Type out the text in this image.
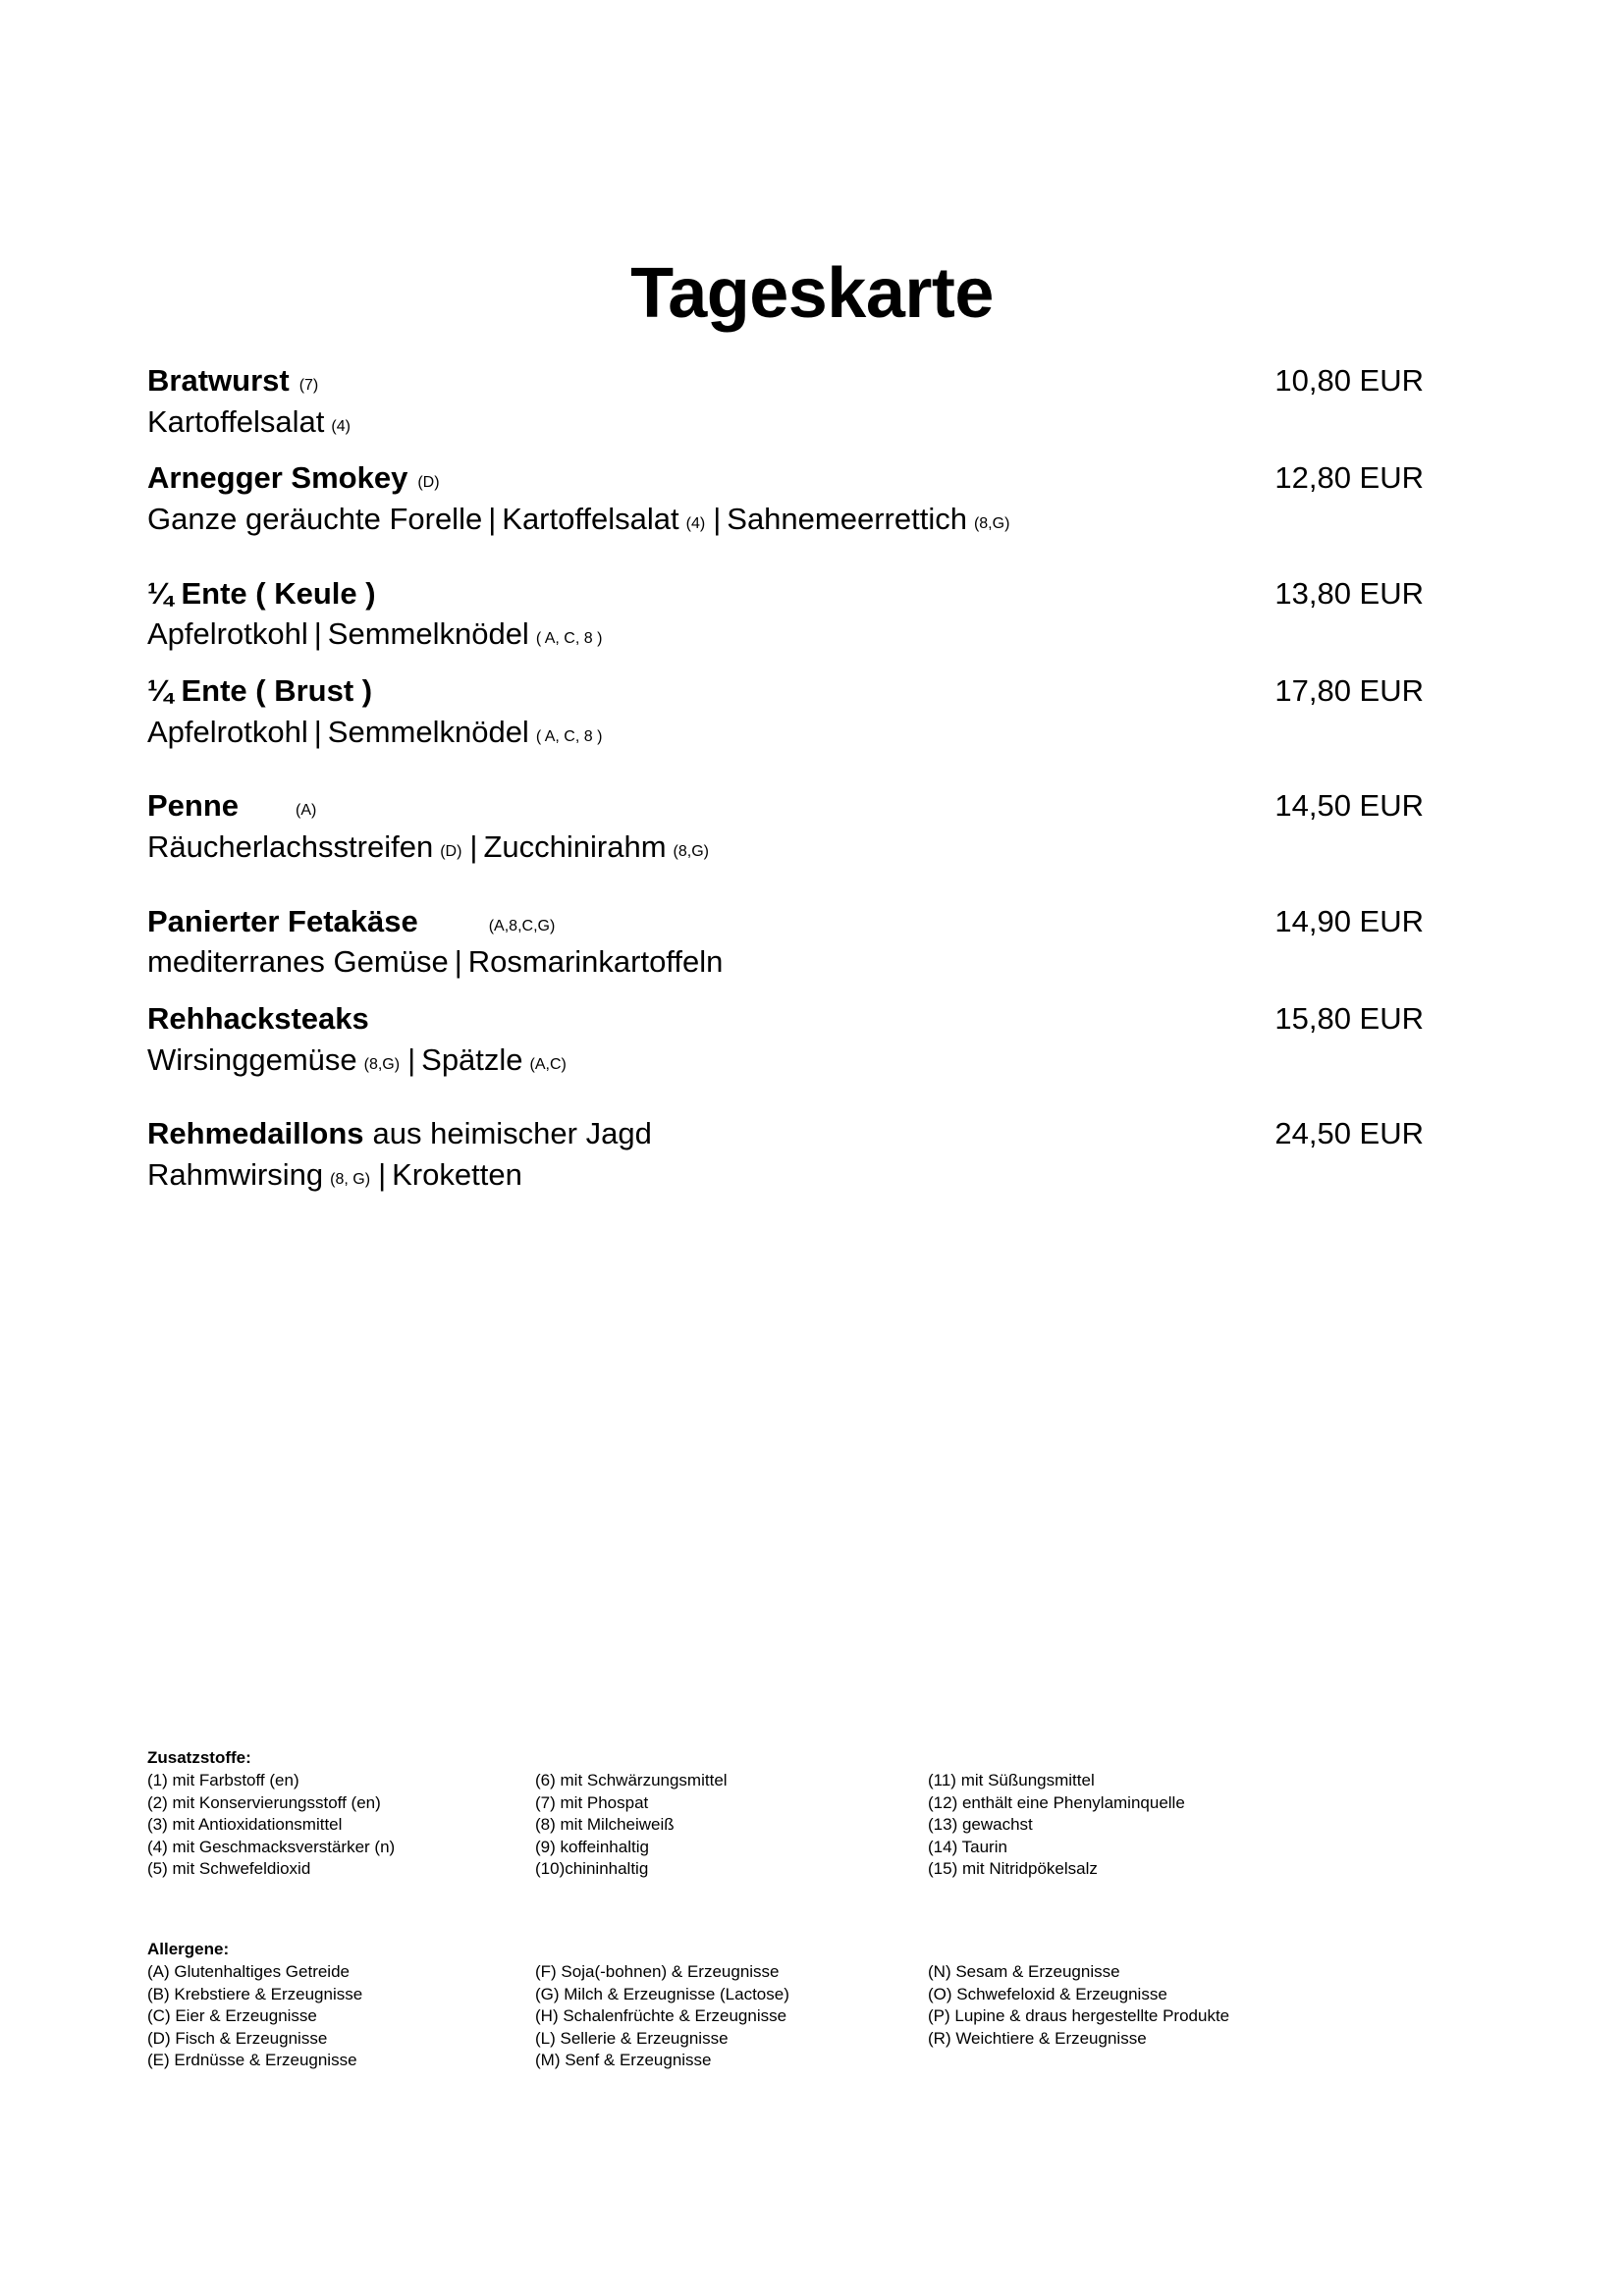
Tageskarte
Bratwurst (7)	10,80 EUR
Kartoffelsalat (4)
Arnegger Smokey (D)	12,80 EUR
Ganze geräuchte Forelle | Kartoffelsalat (4) | Sahnemeerrettich (8,G)
¼ Ente ( Keule )	13,80 EUR
Apfelrotkohl | Semmelknödel ( A, C, 8 )
¼ Ente ( Brust )	17,80 EUR
Apfelrotkohl | Semmelknödel ( A, C, 8 )
Penne	(A)	14,50 EUR
Räucherlachsstreifen (D) | Zucchinirahm (8,G)
Panierter Fetakäse	(A,8,C,G)	14,90 EUR
mediterranes Gemüse | Rosmarinkartoffeln
Rehhacksteaks	15,80 EUR
Wirsinggemüse (8,G) | Spätzle (A,C)
Rehmedaillons aus heimischer Jagd	24,50 EUR
Rahmwirsing (8, G) | Kroketten
Zusatzstoffe:
(1) mit Farbstoff (en)
(2) mit Konservierungsstoff (en)
(3) mit Antioxidationsmittel
(4) mit Geschmacksverstärker (n)
(5) mit Schwefeldioxid
(6) mit Schwärzungsmittel
(7) mit Phospat
(8) mit Milcheiweiß
(9) koffeinhaltig
(10)chininhaltig
(11) mit Süßungsmittel
(12) enthält eine Phenylaminquelle
(13) gewachst
(14) Taurin
(15) mit Nitridpökelsalz
Allergene:
(A) Glutenhaltiges Getreide
(B) Krebstiere & Erzeugnisse
(C) Eier & Erzeugnisse
(D) Fisch & Erzeugnisse
(E) Erdnüsse & Erzeugnisse
(F) Soja(-bohnen) & Erzeugnisse
(G) Milch & Erzeugnisse (Lactose)
(H) Schalenfrüchte & Erzeugnisse
(L) Sellerie & Erzeugnisse
(M) Senf & Erzeugnisse
(N) Sesam & Erzeugnisse
(O) Schwefeloxid & Erzeugnisse
(P) Lupine & draus hergestellte Produkte
(R) Weichtiere & Erzeugnisse
